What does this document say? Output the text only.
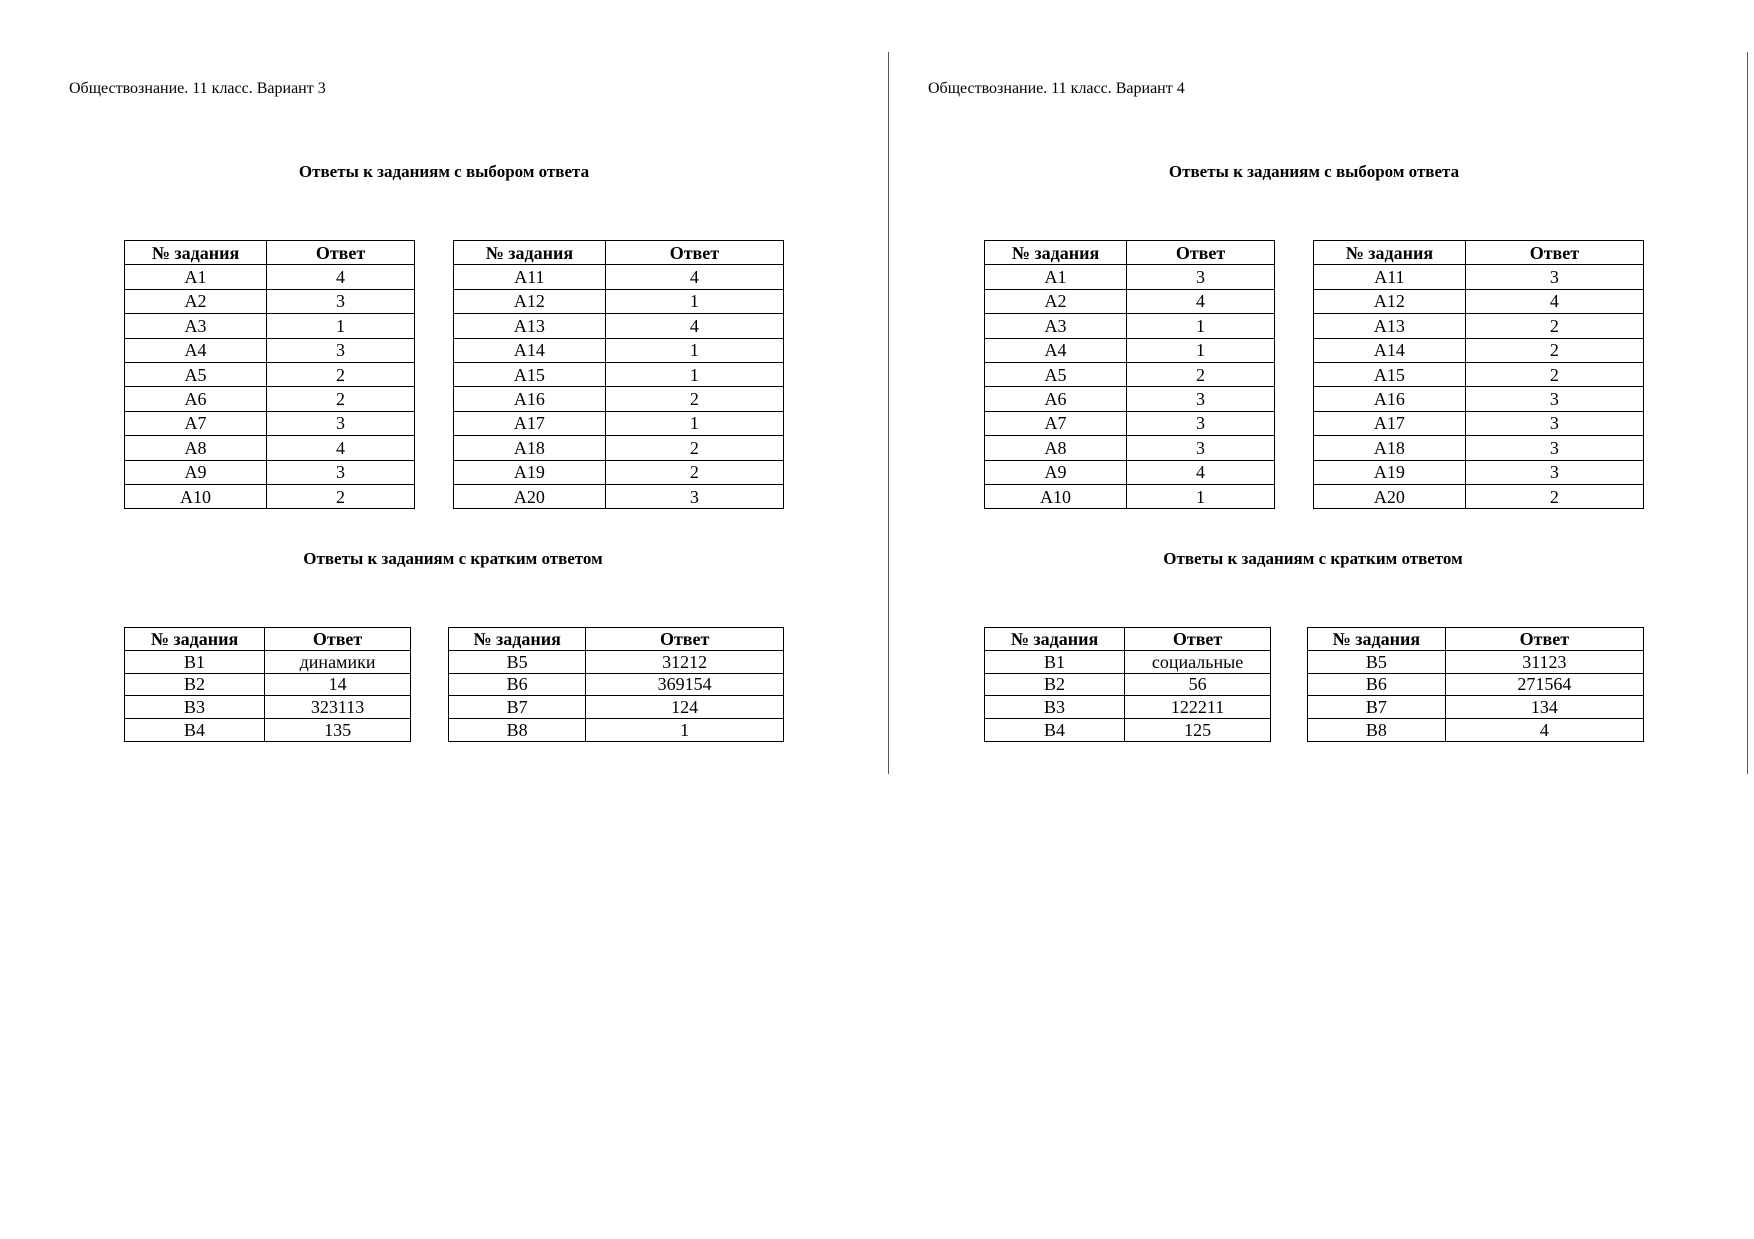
Обществознание. 11 класс. Вариант 3
Ответы к заданиям с выбором ответа
№ задания	Ответ
А1	4
А2	3
А3	1
А4	3
А5	2
А6	2
А7	3
А8	4
А9	3
А10	2
№ задания	Ответ
А11	4
А12	1
А13	4
А14	1
А15	1
А16	2
А17	1
А18	2
А19	2
А20	3
Ответы к заданиям с кратким ответом
№ задания	Ответ
В1	динамики
В2	14
В3	323113
В4	135
№ задания	Ответ
В5	31212
В6	369154
В7	124
В8	1
Обществознание. 11 класс. Вариант 4
Ответы к заданиям с выбором ответа
№ задания	Ответ
А1	3
А2	4
А3	1
А4	1
А5	2
А6	3
А7	3
А8	3
А9	4
А10	1
№ задания	Ответ
А11	3
А12	4
А13	2
А14	2
А15	2
А16	3
А17	3
А18	3
А19	3
А20	2
Ответы к заданиям с кратким ответом
№ задания	Ответ
В1	социальные
В2	56
В3	122211
В4	125
№ задания	Ответ
В5	31123
В6	271564
В7	134
В8	4
